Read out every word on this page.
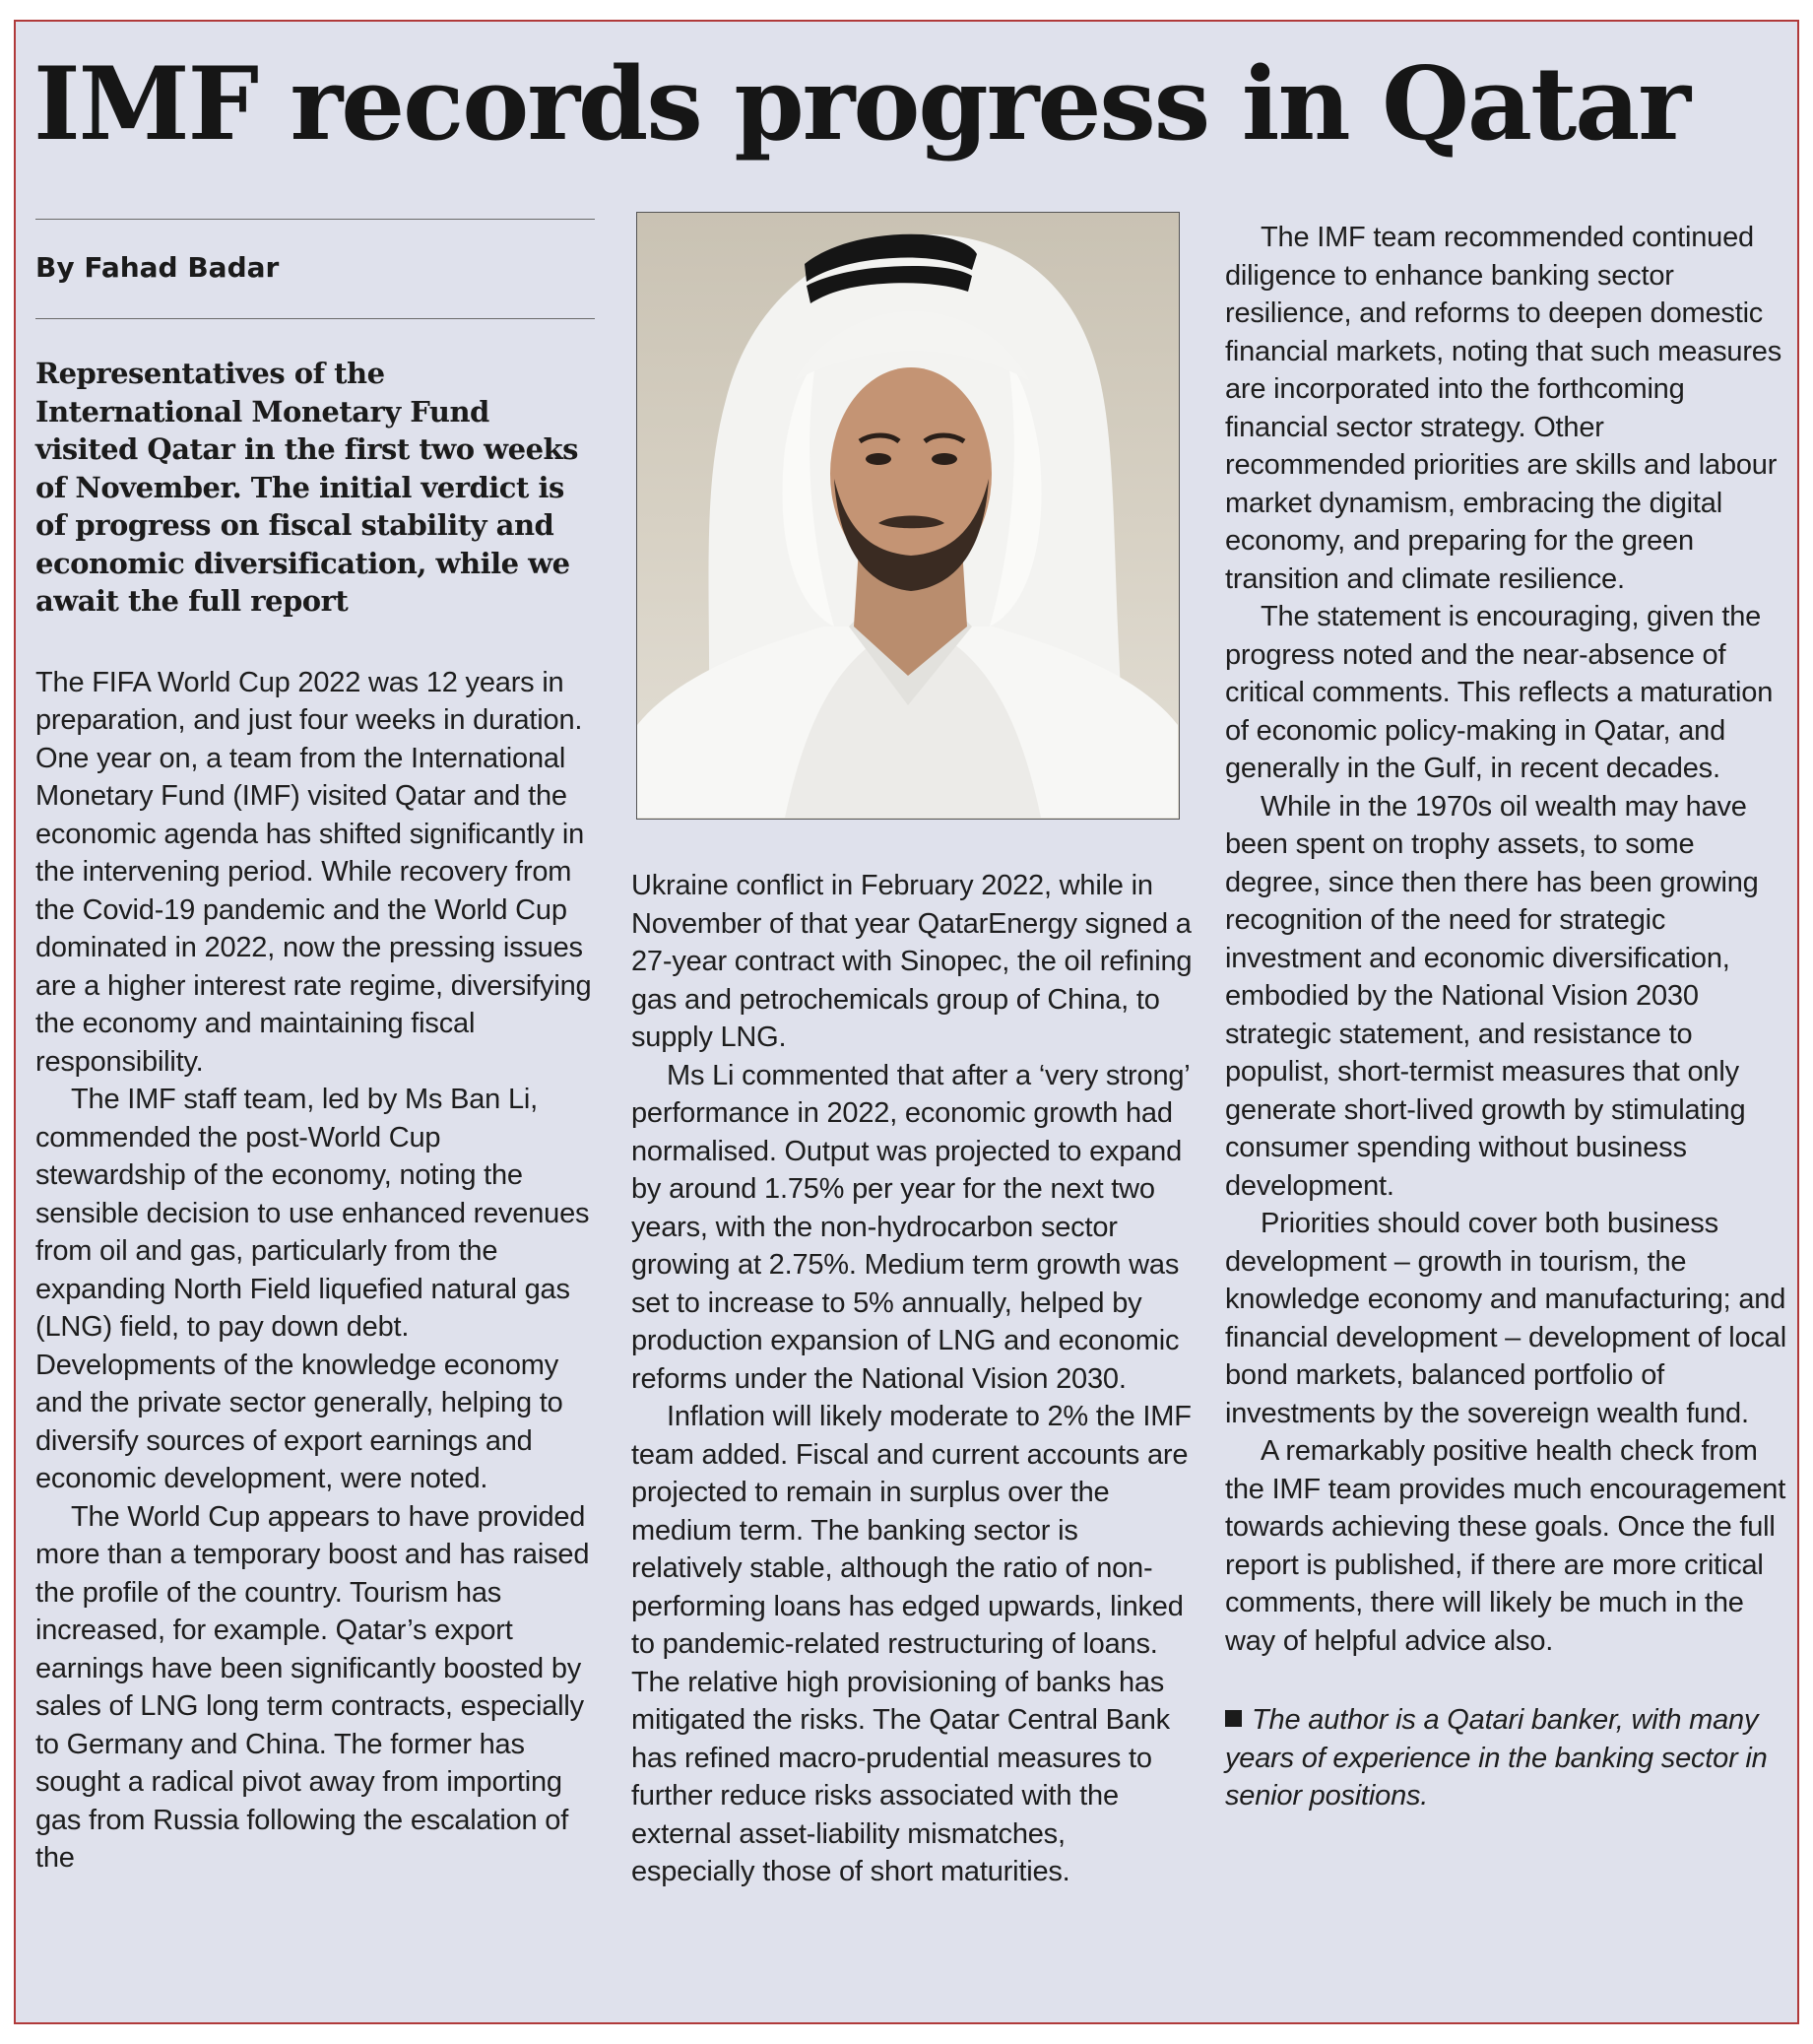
IMF records progress in Qatar
By Fahad Badar
Representatives of the International Monetary Fund visited Qatar in the first two weeks of November. The initial verdict is of progress on fiscal stability and economic diversification, while we await the full report

The FIFA World Cup 2022 was 12 years in preparation, and just four weeks in duration. One year on, a team from the International Monetary Fund (IMF) visited Qatar and the economic agenda has shifted significantly in the intervening period. While recovery from the Covid-19 pandemic and the World Cup dominated in 2022, now the pressing issues are a higher interest rate regime, diversifying the economy and maintaining fiscal responsibility.

The IMF staff team, led by Ms Ban Li, commended the post-World Cup stewardship of the economy, noting the sensible decision to use enhanced revenues from oil and gas, particularly from the expanding North Field liquefied natural gas (LNG) field, to pay down debt. Developments of the knowledge economy and the private sector generally, helping to diversify sources of export earnings and economic development, were noted.

The World Cup appears to have provided more than a temporary boost and has raised the profile of the country. Tourism has increased, for example. Qatar’s export earnings have been significantly boosted by sales of LNG long term contracts, especially to Germany and China. The former has sought a radical pivot away from importing gas from Russia following the escalation of the

Ukraine conflict in February 2022, while in November of that year QatarEnergy signed a 27-year contract with Sinopec, the oil refining gas and petrochemicals group of China, to supply LNG.

Ms Li commented that after a ‘very strong’ performance in 2022, economic growth had normalised. Output was projected to expand by around 1.75% per year for the next two years, with the non-hydrocarbon sector growing at 2.75%. Medium term growth was set to increase to 5% annually, helped by production expansion of LNG and economic reforms under the National Vision 2030.

Inflation will likely moderate to 2% the IMF team added. Fiscal and current accounts are projected to remain in surplus over the medium term. The banking sector is relatively stable, although the ratio of non-performing loans has edged upwards, linked to pandemic-related restructuring of loans. The relative high provisioning of banks has mitigated the risks. The Qatar Central Bank has refined macro-prudential measures to further reduce risks associated with the external asset-liability mismatches, especially those of short maturities.

The IMF team recommended continued diligence to enhance banking sector resilience, and reforms to deepen domestic financial markets, noting that such measures are incorporated into the forthcoming financial sector strategy. Other recommended priorities are skills and labour market dynamism, embracing the digital economy, and preparing for the green transition and climate resilience.

The statement is encouraging, given the progress noted and the near-absence of critical comments. This reflects a maturation of economic policy-making in Qatar, and generally in the Gulf, in recent decades.

While in the 1970s oil wealth may have been spent on trophy assets, to some degree, since then there has been growing recognition of the need for strategic investment and economic diversification, embodied by the National Vision 2030 strategic statement, and resistance to populist, short-termist measures that only generate short-lived growth by stimulating consumer spending without business development.

Priorities should cover both business development – growth in tourism, the knowledge economy and manufacturing; and financial development – development of local bond markets, balanced portfolio of investments by the sovereign wealth fund.

A remarkably positive health check from the IMF team provides much encouragement towards achieving these goals. Once the full report is published, if there are more critical comments, there will likely be much in the way of helpful advice also.

The author is a Qatari banker, with many years of experience in the banking sector in senior positions.
